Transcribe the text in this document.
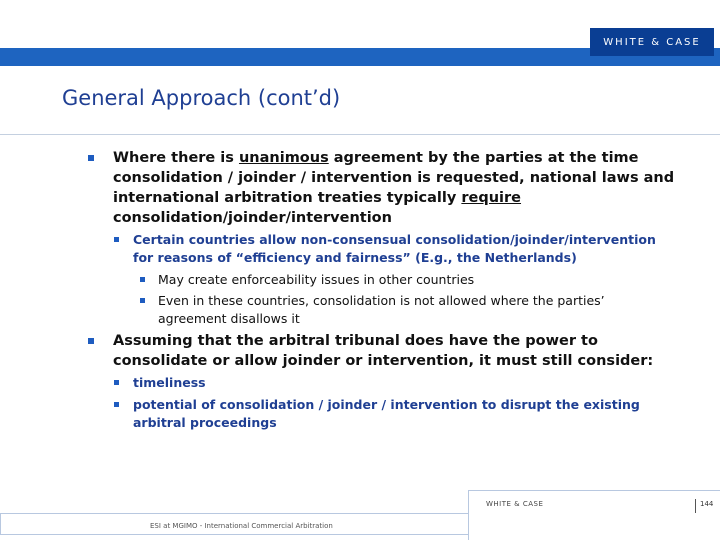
WHITE & CASE
General Approach (cont’d)
Where there is unanimous agreement by the parties at the time consolidation / joinder / intervention is requested, national laws and international arbitration treaties typically require consolidation/joinder/intervention
Certain countries allow non-consensual consolidation/joinder/intervention for reasons of “efficiency and fairness” (E.g., the Netherlands)
May create enforceability issues in other countries
Even in these countries, consolidation is not allowed where the parties’ agreement disallows it
Assuming that the arbitral tribunal does have the power to consolidate or allow joinder or intervention, it must still consider:
timeliness
potential of consolidation / joinder / intervention to disrupt the existing arbitral proceedings
ESI at MGIMO - International Commercial Arbitration
WHITE & CASE	144
